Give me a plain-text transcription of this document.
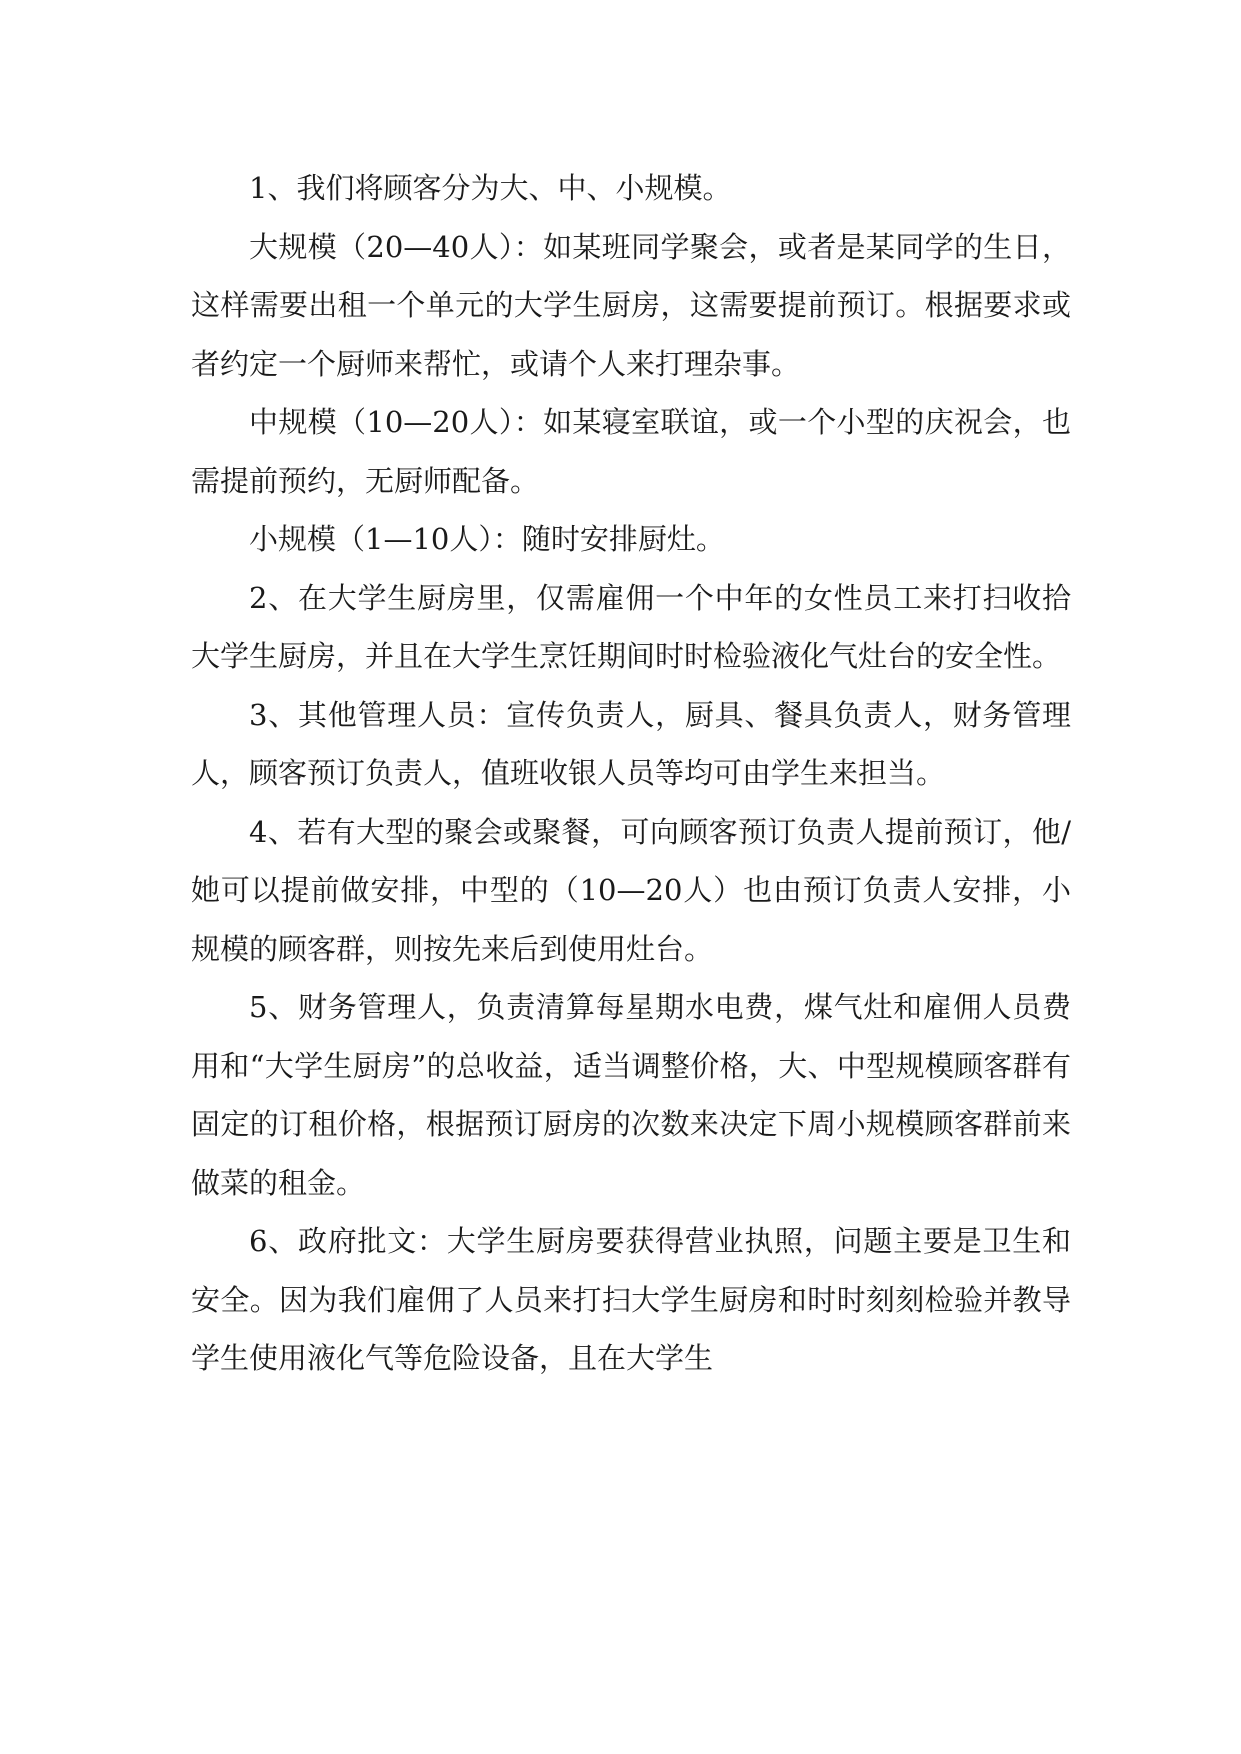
1、我们将顾客分为大、中、小规模。

大规模（20—40人）：如某班同学聚会，或者是某同学的生日，这样需要出租一个单元的大学生厨房，这需要提前预订。根据要求或者约定一个厨师来帮忙，或请个人来打理杂事。

中规模（10—20人）：如某寝室联谊，或一个小型的庆祝会，也需提前预约，无厨师配备。

小规模（1—10人）：随时安排厨灶。

2、在大学生厨房里，仅需雇佣一个中年的女性员工来打扫收拾大学生厨房，并且在大学生烹饪期间时时检验液化气灶台的安全性。

3、其他管理人员：宣传负责人，厨具、餐具负责人，财务管理人，顾客预订负责人，值班收银人员等均可由学生来担当。

4、若有大型的聚会或聚餐，可向顾客预订负责人提前预订，他/她可以提前做安排，中型的（10—20人）也由预订负责人安排，小规模的顾客群，则按先来后到使用灶台。

5、财务管理人，负责清算每星期水电费，煤气灶和雇佣人员费用和“大学生厨房”的总收益，适当调整价格，大、中型规模顾客群有固定的订租价格，根据预订厨房的次数来决定下周小规模顾客群前来做菜的租金。

6、政府批文：大学生厨房要获得营业执照，问题主要是卫生和安全。因为我们雇佣了人员来打扫大学生厨房和时时刻刻检验并教导学生使用液化气等危险设备，且在大学生
